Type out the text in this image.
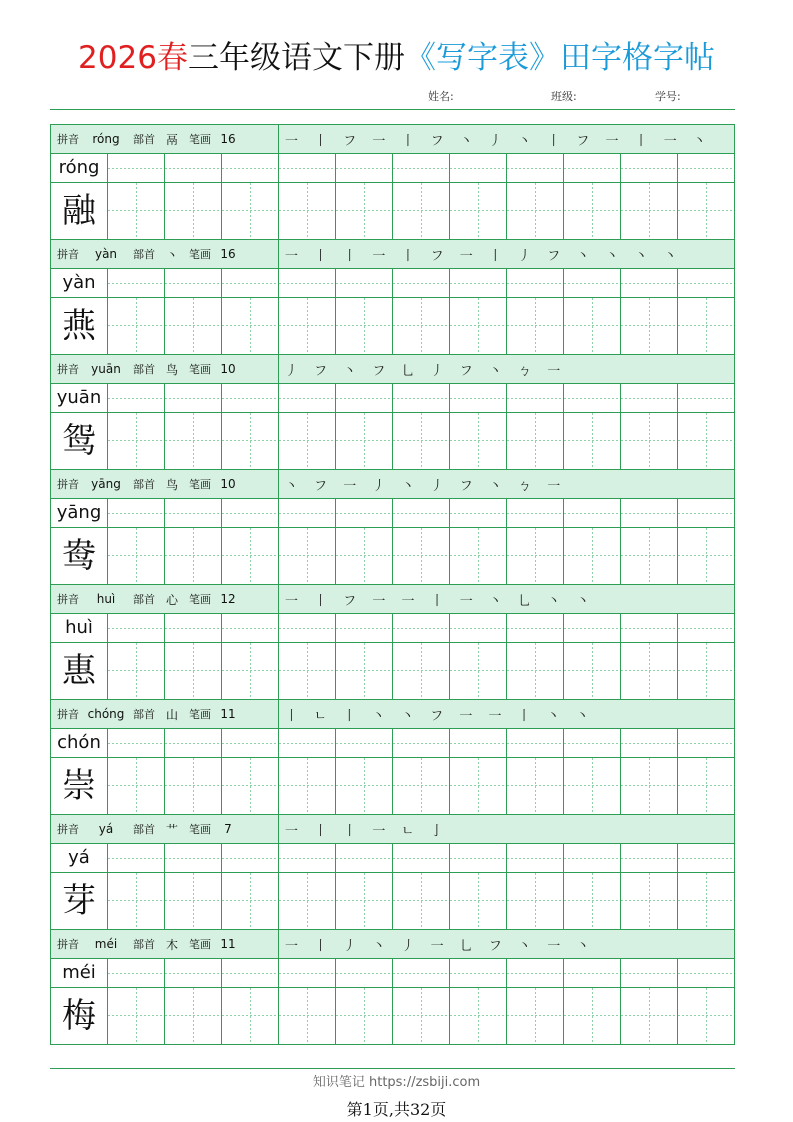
2026春三年级语文下册《写字表》田字格字帖
姓名:	班级:	学号:
拼音	róng	部首 鬲	笔画 16	一 丨 フ 一 丨 フ 丶 丿 丶 丨 フ 一 丨 一 丶
róng
融
拼音	yàn	部首 丶	笔画 16	一 丨 丨 一 丨 フ 一 丨 丿 フ 丶 丶 丶 丶
yàn
燕
拼音	yuān	部首 鸟	笔画 10	丿 フ 丶 フ 乚 丿 フ 丶 ㄅ 一
yuān
鸳
拼音	yāng	部首 鸟	笔画 10	丶 フ 一 丿 丶 丿 フ 丶 ㄅ 一
yāng
鸯
拼音	huì	部首 心	笔画 12	一 丨 フ 一 一 丨 一 丶 乚 丶 丶
huì
惠
拼音 chóng 部首 山	笔画 11	丨 ㄴ 丨 丶 丶 フ 一 一 丨 丶 丶
chón
崇
拼音	yá	部首 艹	笔画	7	一 丨 丨 一 ㄴ 亅
yá
芽
拼音	méi	部首 木	笔画 11	一 丨 丿 丶 丿 一 乚 フ 丶 一 丶
méi
梅
知识笔记 https://zsbiji.com
第1页,共32页
